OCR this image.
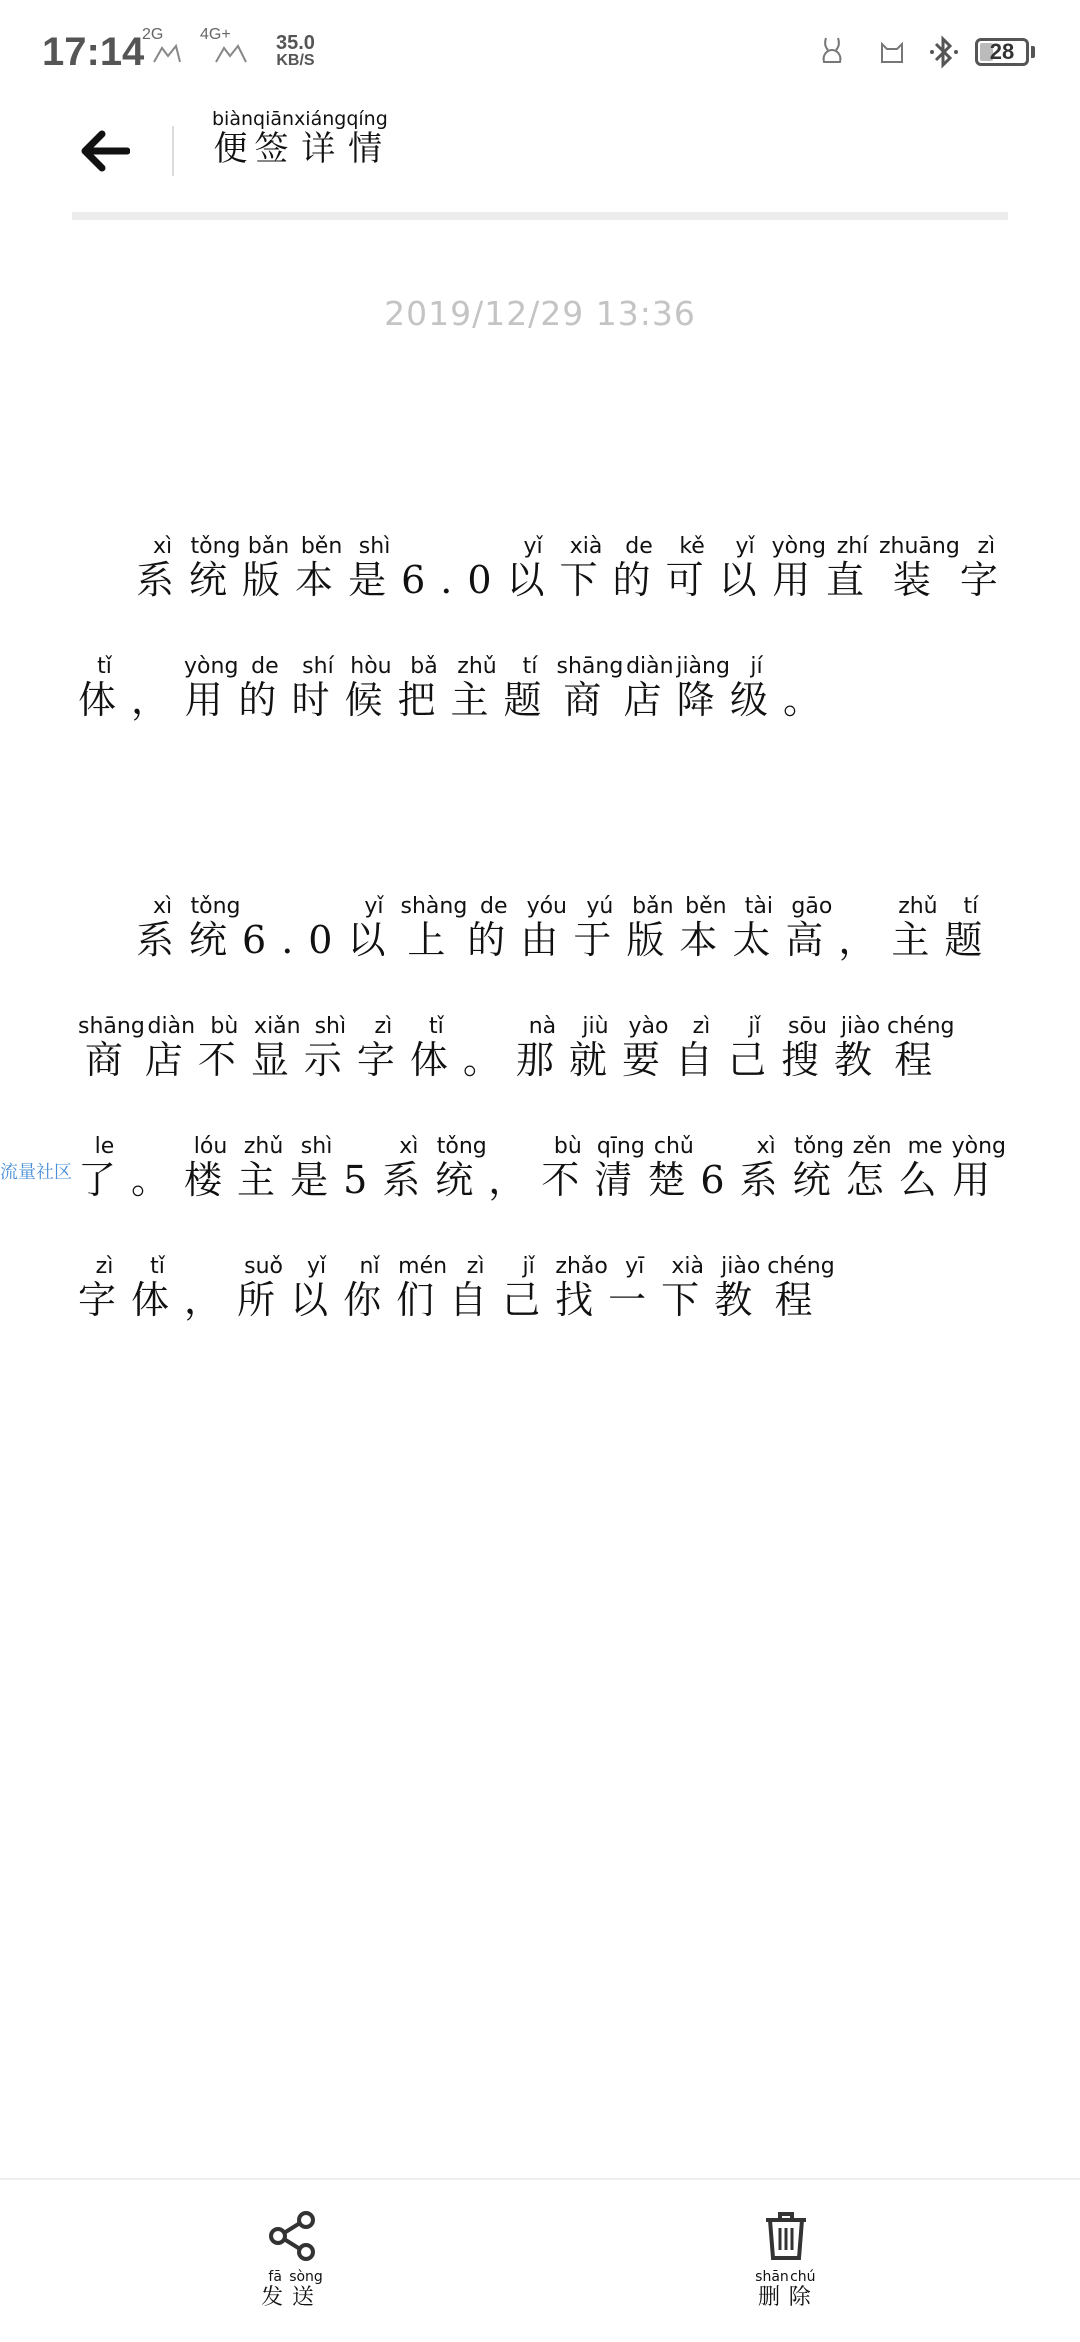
17:14
2G 4G+ 35.0
KB/S	28
便biàn签qiān详xiáng情qíng
2019/12/29 13:36

系xì统tǒng版bǎn本běn是shì6.0以yǐ下xià的de可kě以yǐ用yòng直zhí装zhuāng字zì体tǐ，用yòng的de时shí候hòu把bǎ主zhǔ题tí商shāng店diàn降jiàng级jí。

系xì统tǒng6.0以yǐ上shàng的de由yóu于yú版bǎn本běn太tài高gāo，主zhǔ题tí商shāng店diàn不bù显xiǎn示shì字zì体tǐ。那nà就jiù要yào自zì己jǐ搜sōu教jiào程chéng了le。楼lóu主zhǔ是shì5系xì统tǒng，不bù清qīng楚chǔ6系xì统tǒng怎zěn么me用yòng字zì体tǐ，所suǒ以yǐ你nǐ们mén自zì己jǐ找zhǎo一yī下xià教jiào程chéng

流量社区
发fā送sòng
删shān除chú
